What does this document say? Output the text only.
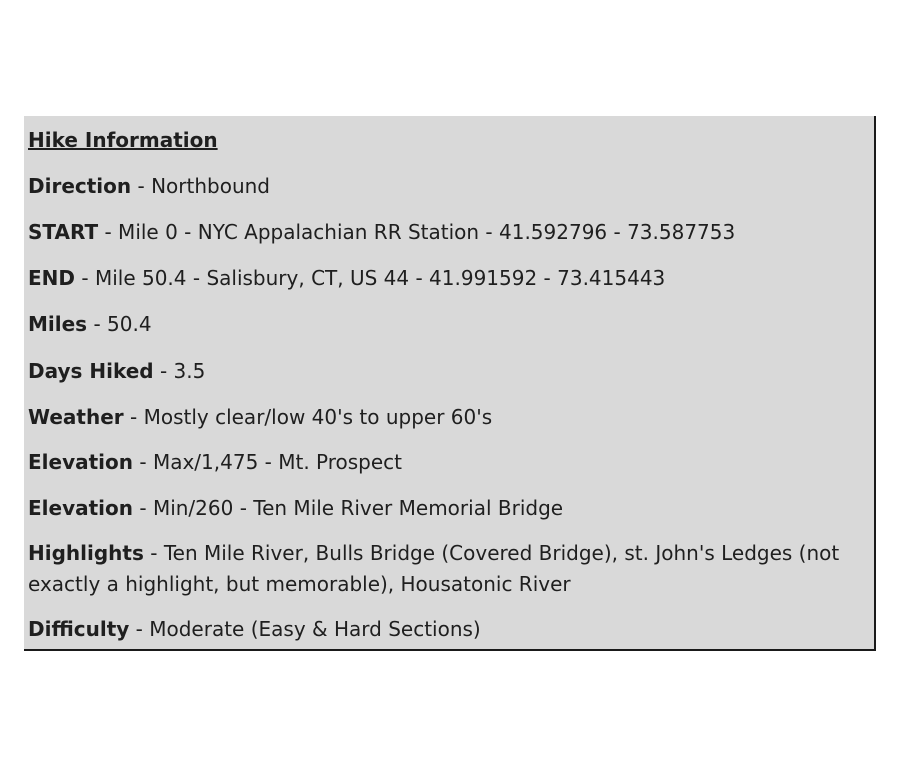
Hike Information
Direction - Northbound
START - Mile 0 - NYC Appalachian RR Station - 41.592796 - 73.587753
END - Mile 50.4 - Salisbury, CT, US 44 - 41.991592 - 73.415443
Miles - 50.4
Days Hiked - 3.5
Weather - Mostly clear/low 40's to upper 60's
Elevation - Max/1,475 - Mt. Prospect
Elevation - Min/260 - Ten Mile River Memorial Bridge
Highlights - Ten Mile River, Bulls Bridge (Covered Bridge), st. John's Ledges (not exactly a highlight, but memorable), Housatonic River
Difficulty - Moderate (Easy & Hard Sections)
